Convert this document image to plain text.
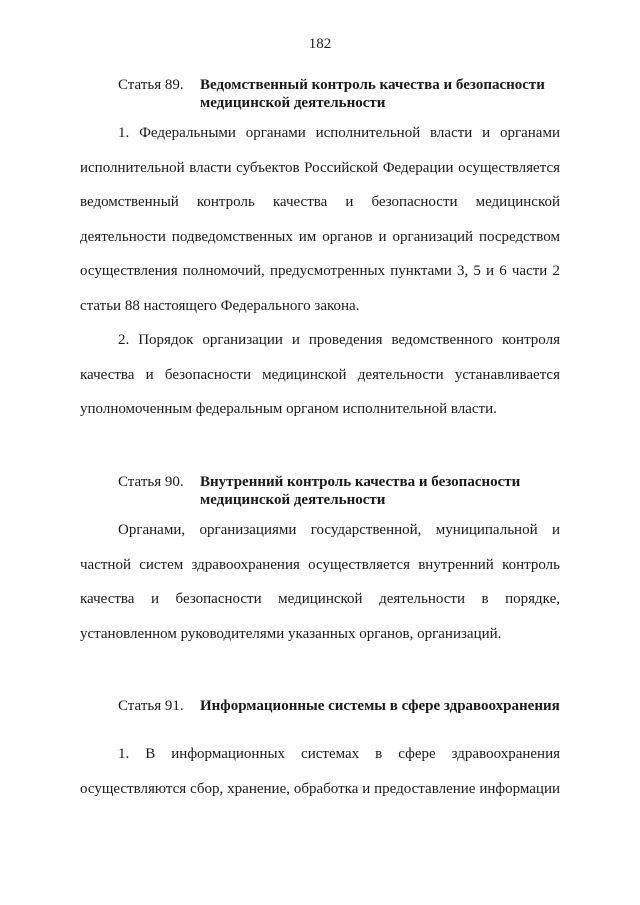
182
Статья 89. Ведомственный контроль качества и безопасности медицинской деятельности

1. Федеральными органами исполнительной власти и органами исполнительной власти субъектов Российской Федерации осуществляется ведомственный контроль качества и безопасности медицинской деятельности подведомственных им органов и организаций посредством осуществления полномочий, предусмотренных пунктами 3, 5 и 6 части 2 статьи 88 настоящего Федерального закона.

2. Порядок организации и проведения ведомственного контроля качества и безопасности медицинской деятельности устанавливается уполномоченным федеральным органом исполнительной власти.

Статья 90. Внутренний контроль качества и безопасности медицинской деятельности

Органами, организациями государственной, муниципальной и частной систем здравоохранения осуществляется внутренний контроль качества и безопасности медицинской деятельности в порядке, установленном руководителями указанных органов, организаций.

Статья 91. Информационные системы в сфере здравоохранения

1. В информационных системах в сфере здравоохранения осуществляются сбор, хранение, обработка и предоставление информации
